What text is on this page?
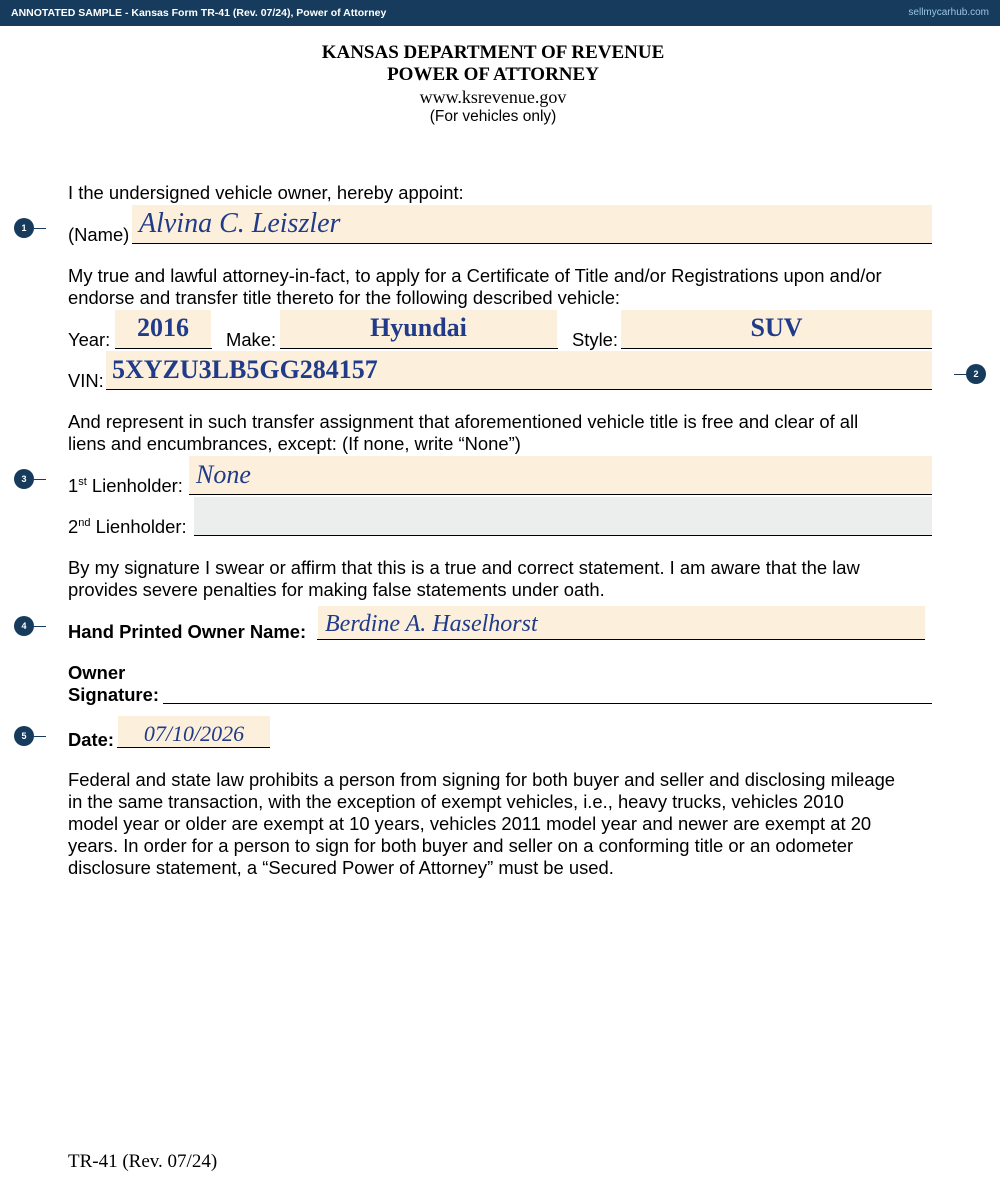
ANNOTATED SAMPLE - Kansas Form TR-41 (Rev. 07/24), Power of Attorney	sellmycarhub.com
KANSAS DEPARTMENT OF REVENUE
POWER OF ATTORNEY
www.ksrevenue.gov
(For vehicles only)
I the undersigned vehicle owner, hereby appoint:
(Name) Alvina C. Leiszler
My true and lawful attorney-in-fact, to apply for a Certificate of Title and/or Registrations upon and/or
endorse and transfer title thereto for the following described vehicle:
Year:	2016	Make:	Hyundai	Style:	SUV
VIN: 5XYZU3LB5GG284157
And represent in such transfer assignment that aforementioned vehicle title is free and clear of all
liens and encumbrances, except: (If none, write “None”)
1st Lienholder: None
2nd Lienholder:
By my signature I swear or affirm that this is a true and correct statement. I am aware that the law
provides severe penalties for making false statements under oath.
Hand Printed Owner Name: Berdine A. Haselhorst
Owner
Signature:
Date:	07/10/2026
Federal and state law prohibits a person from signing for both buyer and seller and disclosing mileage
in the same transaction, with the exception of exempt vehicles, i.e., heavy trucks, vehicles 2010
model year or older are exempt at 10 years, vehicles 2011 model year and newer are exempt at 20
years. In order for a person to sign for both buyer and seller on a conforming title or an odometer
disclosure statement, a “Secured Power of Attorney” must be used.
1
2
3
4
5
TR-41 (Rev. 07/24)
